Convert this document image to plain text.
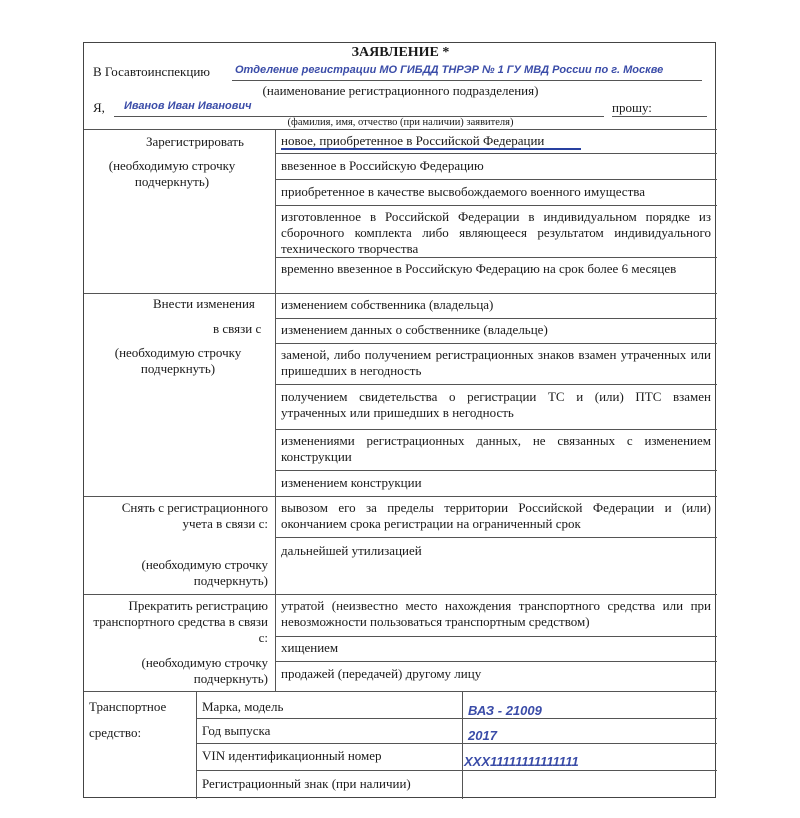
ЗАЯВЛЕНИЕ *
В Госавтоинспекцию Отделение регистрации МО ГИБДД ТНРЭР № 1 ГУ МВД России по г. Москве
(наименование регистрационного подразделения)
Я, Иванов Иван Иванович	прошу:
(фамилия, имя, отчество (при наличии) заявителя)
Зарегистрировать
(необходимую строчку подчеркнуть)
новое, приобретенное в Российской Федерации
ввезенное в Российскую Федерацию
приобретенное в качестве высвобождаемого военного имущества
изготовленное в Российской Федерации в индивидуальном порядке из сборочного комплекта либо являющееся результатом индивидуального технического творчества
временно ввезенное в Российскую Федерацию на срок более 6 месяцев
Внести изменения
в связи с
(необходимую строчку подчеркнуть)
изменением собственника (владельца)
изменением данных о собственнике (владельце)
заменой, либо получением регистрационных знаков взамен утраченных или пришедших в негодность
получением свидетельства о регистрации ТС и (или) ПТС взамен утраченных или пришедших в негодность
изменениями регистрационных данных, не связанных с изменением конструкции
изменением конструкции
Снять с регистрационного учета в связи с:
(необходимую строчку подчеркнуть)
вывозом его за пределы территории Российской Федерации и (или) окончанием срока регистрации на ограниченный срок
дальнейшей утилизацией
Прекратить регистрацию транспортного средства в связи с:
(необходимую строчку подчеркнуть)
утратой (неизвестно место нахождения транспортного средства или при невозможности пользоваться транспортным средством)
хищением
продажей (передачей) другому лицу
Транспортное
средство:
Марка, модель	ВАЗ - 21009
Год выпуска	2017
VIN идентификационный номер	XXX11111111111111
Регистрационный знак (при наличии)
